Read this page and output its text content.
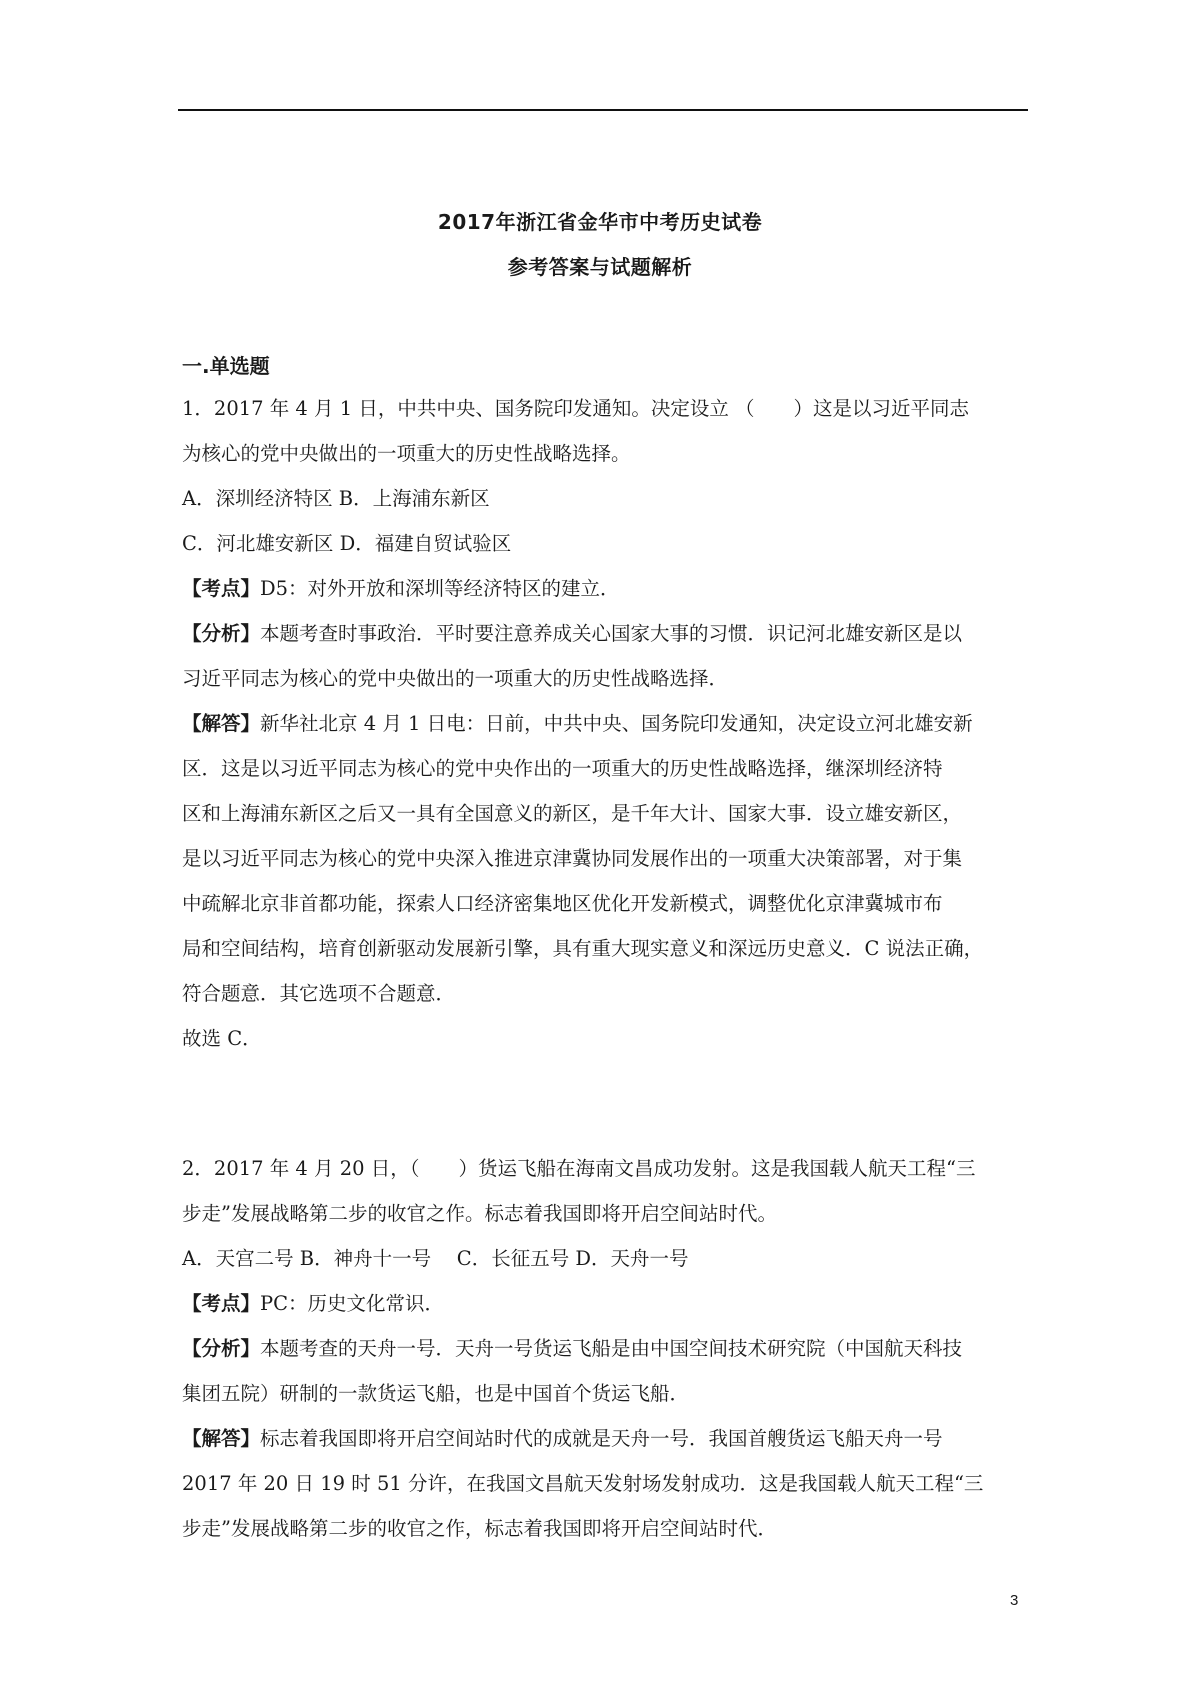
2017年浙江省金华市中考历史试卷
参考答案与试题解析
一.单选题
1．2017 年 4 月 1 日，中共中央、国务院印发通知。决定设立 （　　）这是以习近平同志
为核心的党中央做出的一项重大的历史性战略选择。
A．深圳经济特区 B．上海浦东新区
C．河北雄安新区 D．福建自贸试验区
【考点】D5：对外开放和深圳等经济特区的建立．
【分析】本题考查时事政治．平时要注意养成关心国家大事的习惯．识记河北雄安新区是以
习近平同志为核心的党中央做出的一项重大的历史性战略选择．
【解答】新华社北京 4 月 1 日电：日前，中共中央、国务院印发通知，决定设立河北雄安新
区．这是以习近平同志为核心的党中央作出的一项重大的历史性战略选择，继深圳经济特
区和上海浦东新区之后又一具有全国意义的新区，是千年大计、国家大事．设立雄安新区，
是以习近平同志为核心的党中央深入推进京津冀协同发展作出的一项重大决策部署，对于集
中疏解北京非首都功能，探索人口经济密集地区优化开发新模式，调整优化京津冀城市布
局和空间结构，培育创新驱动发展新引擎，具有重大现实意义和深远历史意义．C 说法正确，
符合题意．其它选项不合题意．
故选 C．
2．2017 年 4 月 20 日，（　　）货运飞船在海南文昌成功发射。这是我国载人航天工程“三
步走”发展战略第二步的收官之作。标志着我国即将开启空间站时代。
A．天宫二号 B．神舟十一号　 C．长征五号 D．天舟一号
【考点】PC：历史文化常识．
【分析】本题考查的天舟一号．天舟一号货运飞船是由中国空间技术研究院（中国航天科技
集团五院）研制的一款货运飞船，也是中国首个货运飞船．
【解答】标志着我国即将开启空间站时代的成就是天舟一号．我国首艘货运飞船天舟一号
2017 年 20 日 19 时 51 分许，在我国文昌航天发射场发射成功．这是我国载人航天工程“三
步走”发展战略第二步的收官之作，标志着我国即将开启空间站时代．
3
